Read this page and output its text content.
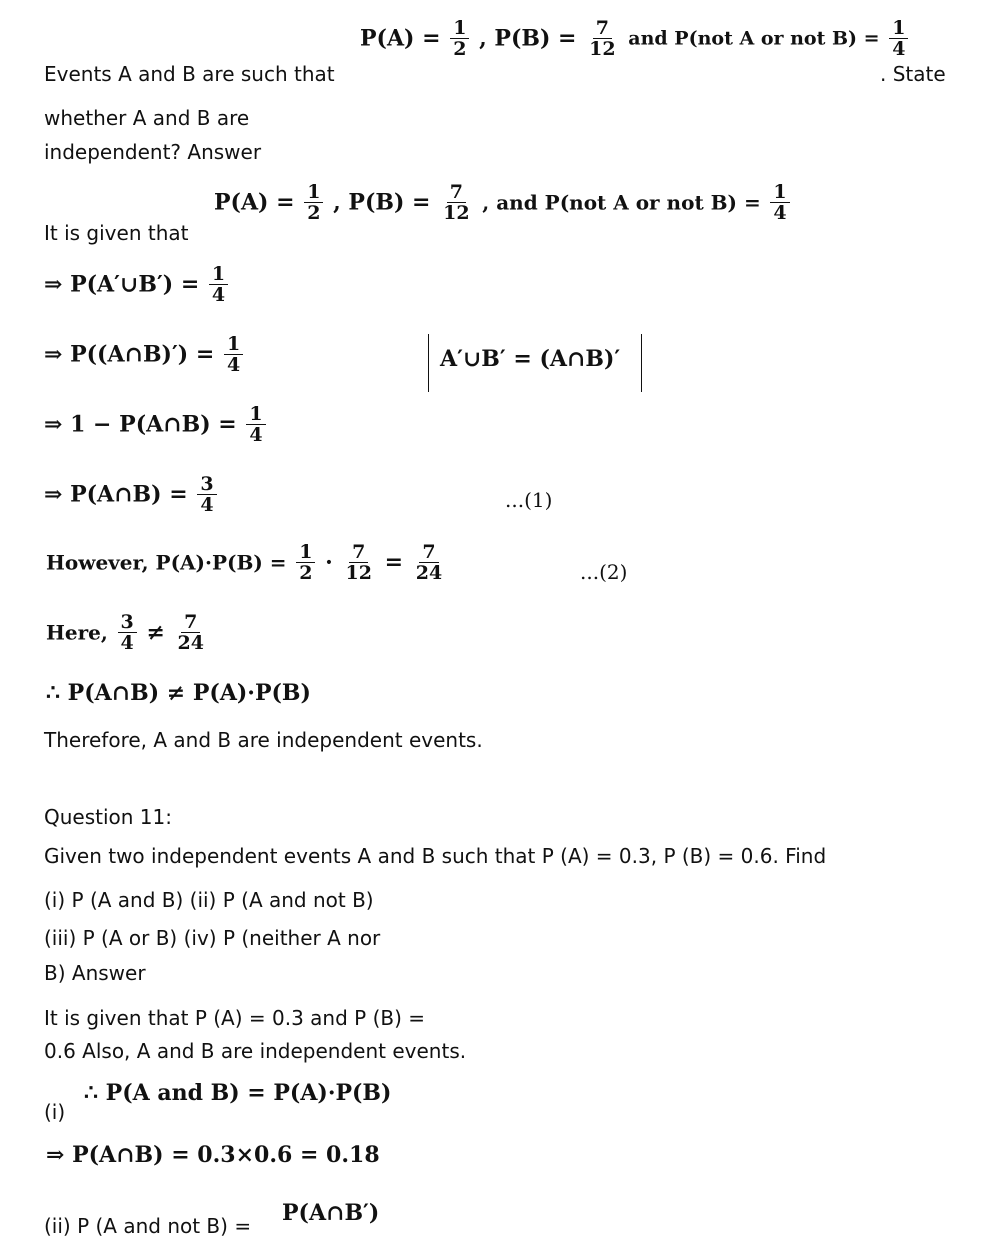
$P(A) = \frac{1}{2}$ , $P(B) = \frac{7}{12}$ and P(not A or not $B) = \frac{1}{4}$
Events A and B are such that	. State
whether A and B are
independent? Answer
It is given that
$P(A) = \frac{1}{2}$ , $P(B) = \frac{7}{12}$ , and P(not A or not $B) = \frac{1}{4}$
⇒ P(A′∪B′) = $\frac{1}{4}$
⇒ P((A∩B)′) = $\frac{1}{4}$	A′∪B′ = (A∩B)′
⇒ 1 − P(A∩B) = $\frac{1}{4}$
⇒ P(A∩B) = $\frac{3}{4}$	...(1)
However, $P(A)\cdot P(B) = \frac{1}{2} \cdot \frac{7}{12} = \frac{7}{24}$	...(2)
Here, $\frac{3}{4} \ne \frac{7}{24}$
∴ P(A∩B) ≠ P(A)·P(B)
Therefore, A and B are independent events.
Question 11:
Given two independent events A and B such that P (A) = 0.3, P (B) = 0.6. Find
(i) P (A and B) (ii) P (A and not B)
(iii) P (A or B) (iv) P (neither A nor
B) Answer
It is given that P (A) = 0.3 and P (B) =
0.6 Also, A and B are independent events.
∴ P(A and B) = P(A)·P(B)
(i)
⇒ P(A∩B) = 0.3×0.6 = 0.18
(ii) P (A and not B) = P(A∩B′)
